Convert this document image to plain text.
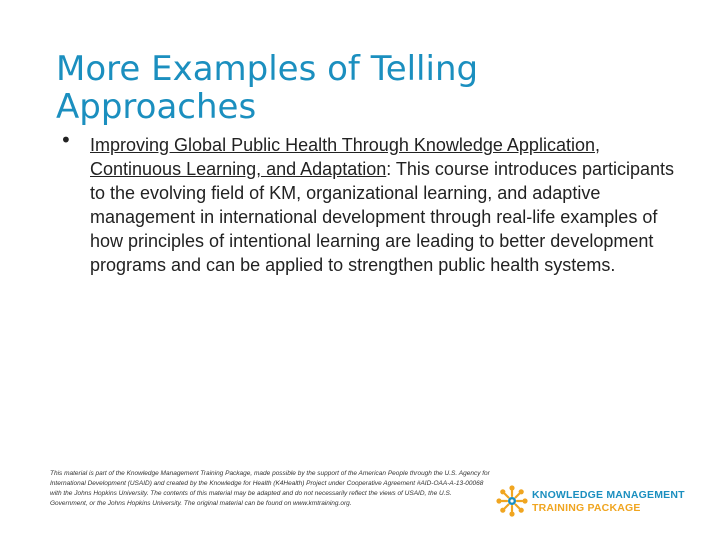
More Examples of Telling Approaches
• Improving Global Public Health Through Knowledge Application, Continuous Learning, and Adaptation: This course introduces participants to the evolving field of KM, organizational learning, and adaptive management in international development through real-life examples of how principles of intentional learning are leading to better development programs and can be applied to strengthen public health systems.

This material is part of the Knowledge Management Training Package, made possible by the support of the American People through the U.S. Agency for International Development (USAID) and created by the Knowledge for Health (K4Health) Project under Cooperative Agreement #AID-OAA-A-13-00068 with the Johns Hopkins University. The contents of this material may be adapted and do not necessarily reflect the views of USAID, the U.S. Government, or the Johns Hopkins University. The original material can be found on www.kmtraining.org.

KNOWLEDGE MANAGEMENT
TRAINING PACKAGE
